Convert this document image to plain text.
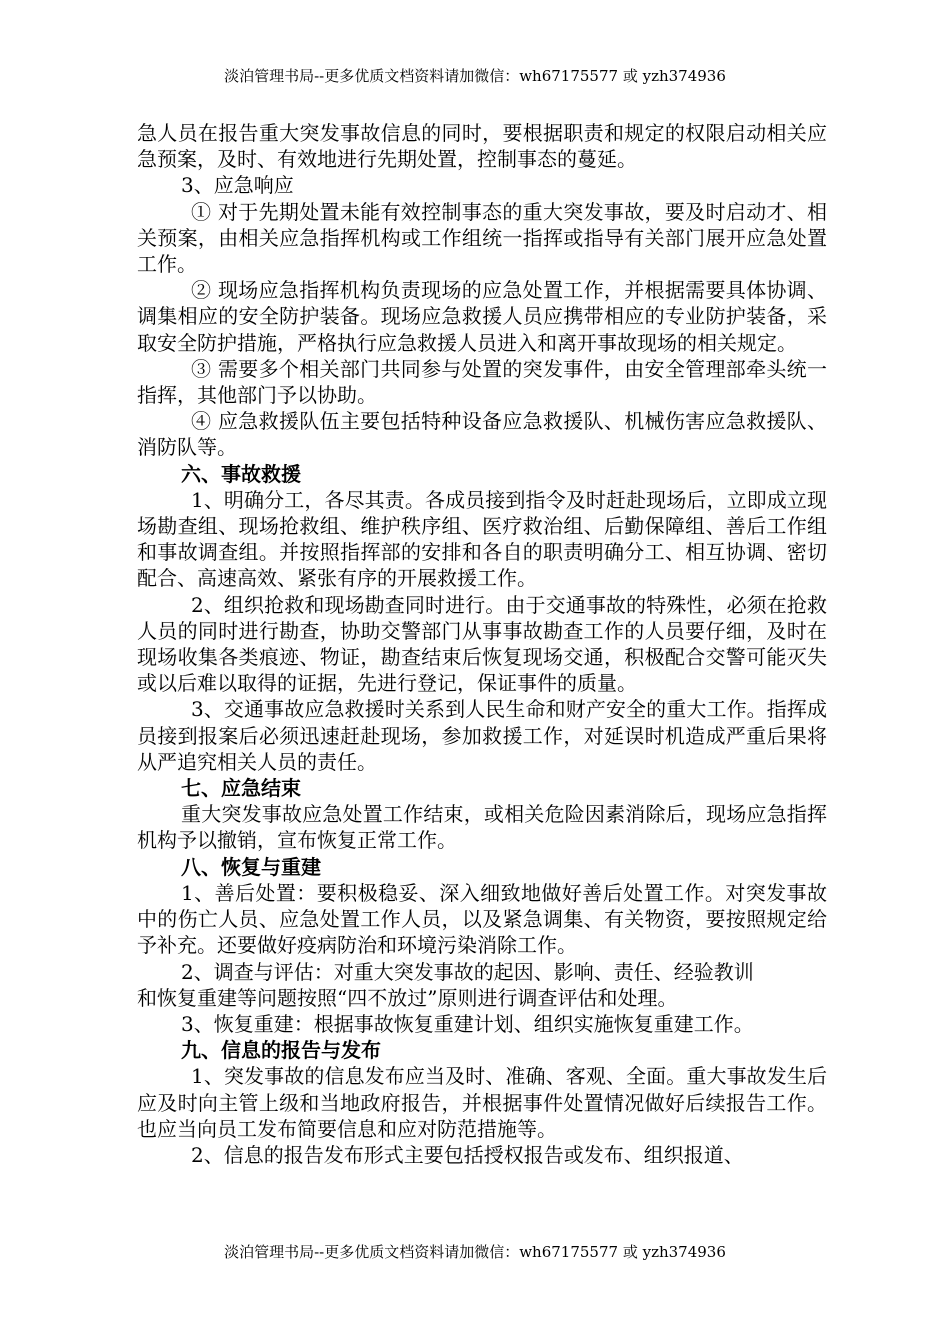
淡泊管理书局--更多优质文档资料请加微信：wh67175577 或 yzh374936

急人员在报告重大突发事故信息的同时，要根据职责和规定的权限启动相关应急预案，及时、有效地进行先期处置，控制事态的蔓延。

3、应急响应

① 对于先期处置未能有效控制事态的重大突发事故，要及时启动才、相关预案，由相关应急指挥机构或工作组统一指挥或指导有关部门展开应急处置工作。

② 现场应急指挥机构负责现场的应急处置工作，并根据需要具体协调、调集相应的安全防护装备。现场应急救援人员应携带相应的专业防护装备，采取安全防护措施，严格执行应急救援人员进入和离开事故现场的相关规定。

③ 需要多个相关部门共同参与处置的突发事件，由安全管理部牵头统一指挥，其他部门予以协助。

④ 应急救援队伍主要包括特种设备应急救援队、机械伤害应急救援队、消防队等。

六、事故救援

1、明确分工，各尽其责。各成员接到指令及时赶赴现场后，立即成立现场勘查组、现场抢救组、维护秩序组、医疗救治组、后勤保障组、善后工作组和事故调查组。并按照指挥部的安排和各自的职责明确分工、相互协调、密切配合、高速高效、紧张有序的开展救援工作。

2、组织抢救和现场勘查同时进行。由于交通事故的特殊性，必须在抢救人员的同时进行勘查，协助交警部门从事事故勘查工作的人员要仔细，及时在现场收集各类痕迹、物证，勘查结束后恢复现场交通，积极配合交警可能灭失或以后难以取得的证据，先进行登记，保证事件的质量。

3、交通事故应急救援时关系到人民生命和财产安全的重大工作。指挥成员接到报案后必须迅速赶赴现场，参加救援工作，对延误时机造成严重后果将从严追究相关人员的责任。

七、应急结束

重大突发事故应急处置工作结束，或相关危险因素消除后，现场应急指挥机构予以撤销，宣布恢复正常工作。

八、恢复与重建

1、善后处置：要积极稳妥、深入细致地做好善后处置工作。对突发事故中的伤亡人员、应急处置工作人员，以及紧急调集、有关物资，要按照规定给予补充。还要做好疫病防治和环境污染消除工作。

2、调查与评估：对重大突发事故的起因、影响、责任、经验教训

和恢复重建等问题按照“四不放过”原则进行调查评估和处理。

3、恢复重建：根据事故恢复重建计划、组织实施恢复重建工作。

九、信息的报告与发布

1、突发事故的信息发布应当及时、准确、客观、全面。重大事故发生后应及时向主管上级和当地政府报告，并根据事件处置情况做好后续报告工作。也应当向员工发布简要信息和应对防范措施等。

2、信息的报告发布形式主要包括授权报告或发布、组织报道、

淡泊管理书局--更多优质文档资料请加微信：wh67175577 或 yzh374936
